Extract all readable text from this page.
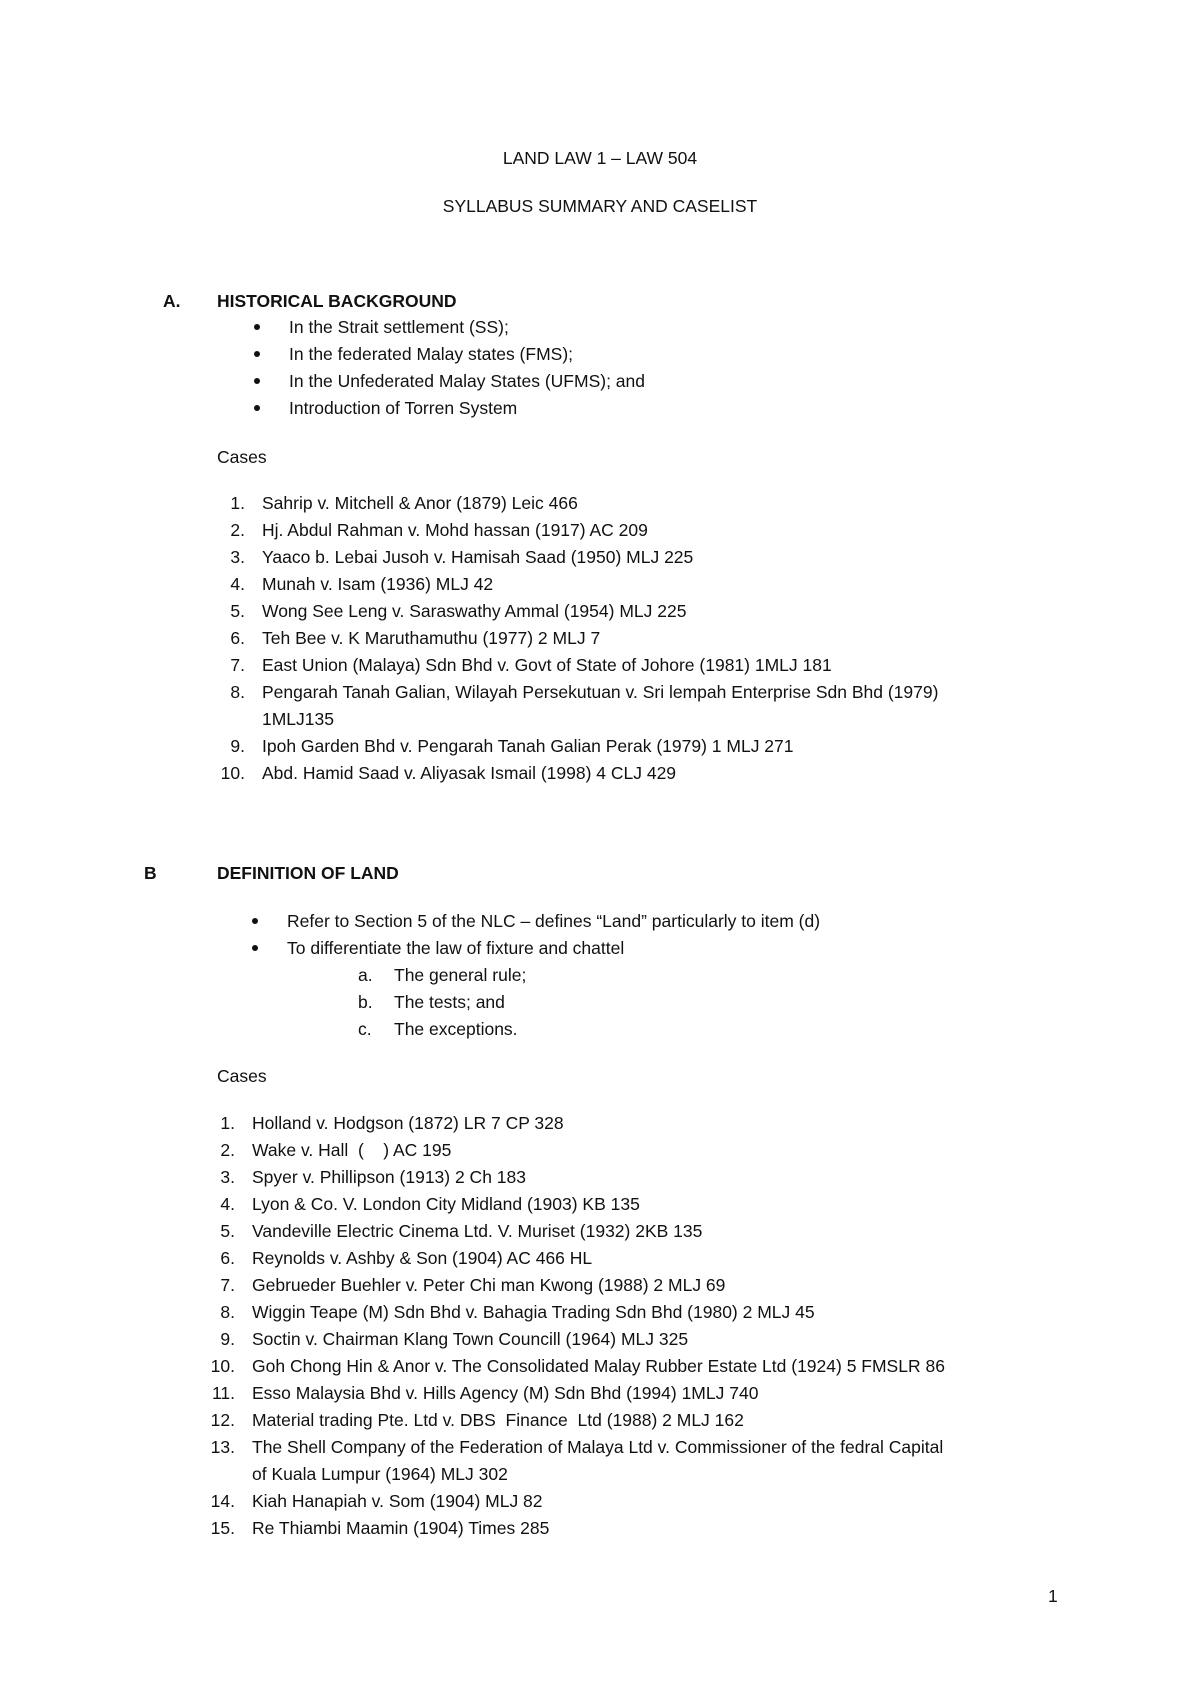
LAND LAW 1 – LAW 504
SYLLABUS SUMMARY AND CASELIST
A. HISTORICAL BACKGROUND
In the Strait settlement (SS);
In the federated Malay states (FMS);
In the Unfederated Malay States (UFMS); and
Introduction of Torren System
Cases
1. Sahrip v. Mitchell & Anor (1879) Leic 466
2. Hj. Abdul Rahman v. Mohd hassan (1917) AC 209
3. Yaaco b. Lebai Jusoh v. Hamisah Saad (1950) MLJ 225
4. Munah v. Isam (1936) MLJ 42
5. Wong See Leng v. Saraswathy Ammal (1954) MLJ 225
6. Teh Bee v. K Maruthamuthu (1977) 2 MLJ 7
7. East Union (Malaya) Sdn Bhd v. Govt of State of Johore (1981) 1MLJ 181
8. Pengarah Tanah Galian, Wilayah Persekutuan v. Sri lempah Enterprise Sdn Bhd (1979)
1MLJ135
9. Ipoh Garden Bhd v. Pengarah Tanah Galian Perak (1979) 1 MLJ 271
10. Abd. Hamid Saad v. Aliyasak Ismail (1998) 4 CLJ 429
B	DEFINITION OF LAND
Refer to Section 5 of the NLC – defines “Land” particularly to item (d)
To differentiate the law of fixture and chattel
a. The general rule;
b. The tests; and
c. The exceptions.
Cases
1. Holland v. Hodgson (1872) LR 7 CP 328
2. Wake v. Hall  (    ) AC 195
3. Spyer v. Phillipson (1913) 2 Ch 183
4. Lyon & Co. V. London City Midland (1903) KB 135
5. Vandeville Electric Cinema Ltd. V. Muriset (1932) 2KB 135
6. Reynolds v. Ashby & Son (1904) AC 466 HL
7. Gebrueder Buehler v. Peter Chi man Kwong (1988) 2 MLJ 69
8. Wiggin Teape (M) Sdn Bhd v. Bahagia Trading Sdn Bhd (1980) 2 MLJ 45
9. Soctin v. Chairman Klang Town Councill (1964) MLJ 325
10. Goh Chong Hin & Anor v. The Consolidated Malay Rubber Estate Ltd (1924) 5 FMSLR 86
11. Esso Malaysia Bhd v. Hills Agency (M) Sdn Bhd (1994) 1MLJ 740
12. Material trading Pte. Ltd v. DBS  Finance  Ltd (1988) 2 MLJ 162
13. The Shell Company of the Federation of Malaya Ltd v. Commissioner of the fedral Capital
of Kuala Lumpur (1964) MLJ 302
14. Kiah Hanapiah v. Som (1904) MLJ 82
15. Re Thiambi Maamin (1904) Times 285
1
